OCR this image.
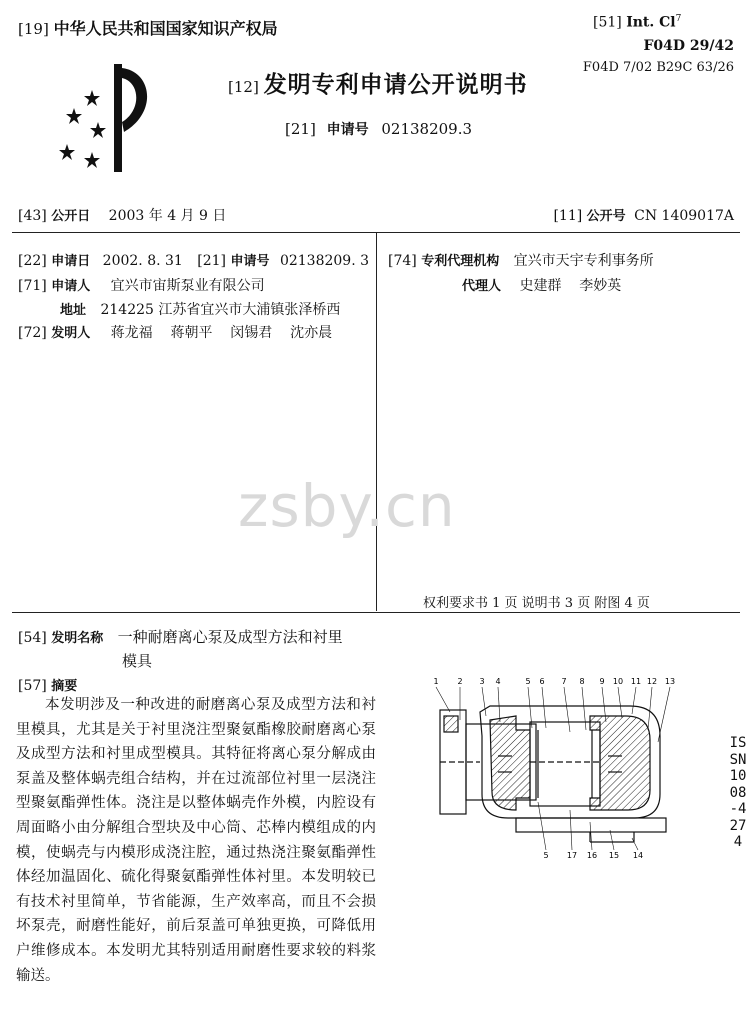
[19] 中华人民共和国国家知识产权局
[12] 发明专利申请公开说明书
[21] 申请号 02138209.3
[51] Int. Cl$^7$
F04D 29/42
F04D 7/02 B29C 63/26
[43] 公开日 2003 年 4 月 9 日	[11] 公开号 CN 1409017A
[22] 申请日 2002. 8. 31 [21] 申请号 02138209. 3
[71] 申请人 宜兴市宙斯泵业有限公司
地址 214225 江苏省宜兴市大浦镇张泽桥西
[72] 发明人 蒋龙福    蒋朝平    闵锡君    沈亦晨
[74] 专利代理机构 宜兴市天宇专利事务所
代理人 史建群    李妙英
zsby.cn
权利要求书 1 页 说明书 3 页 附图 4 页
[54] 发明名称 一种耐磨离心泵及成型方法和衬里
模具
[57] 摘要

本发明涉及一种改进的耐磨离心泵及成型方法和衬里模具，尤其是关于衬里浇注型聚氨酯橡胶耐磨离心泵及成型方法和衬里成型模具。其特征将离心泵分解成由泵盖及整体蜗壳组合结构，并在过流部位衬里一层浇注型聚氨酯弹性体。浇注是以整体蜗壳作外模，内腔设有周面略小由分解组合型块及中心筒、芯棒内模组成的内模，使蜗壳与内模形成浇注腔，通过热浇注聚氨酯弹性体经加温固化、硫化得聚氨酯弹性体衬里。本发明较已有技术衬里简单，节省能源，生产效率高，而且不会损坏泵壳，耐磨性能好，前后泵盖可单独更换，可降低用户维修成本。本发明尤其特别适用耐磨性要求较的料浆输送。

1 2 3 4	5 6 7 8 9 10 11 12 13
5 17 16 15 14
ISSN1008-4274
